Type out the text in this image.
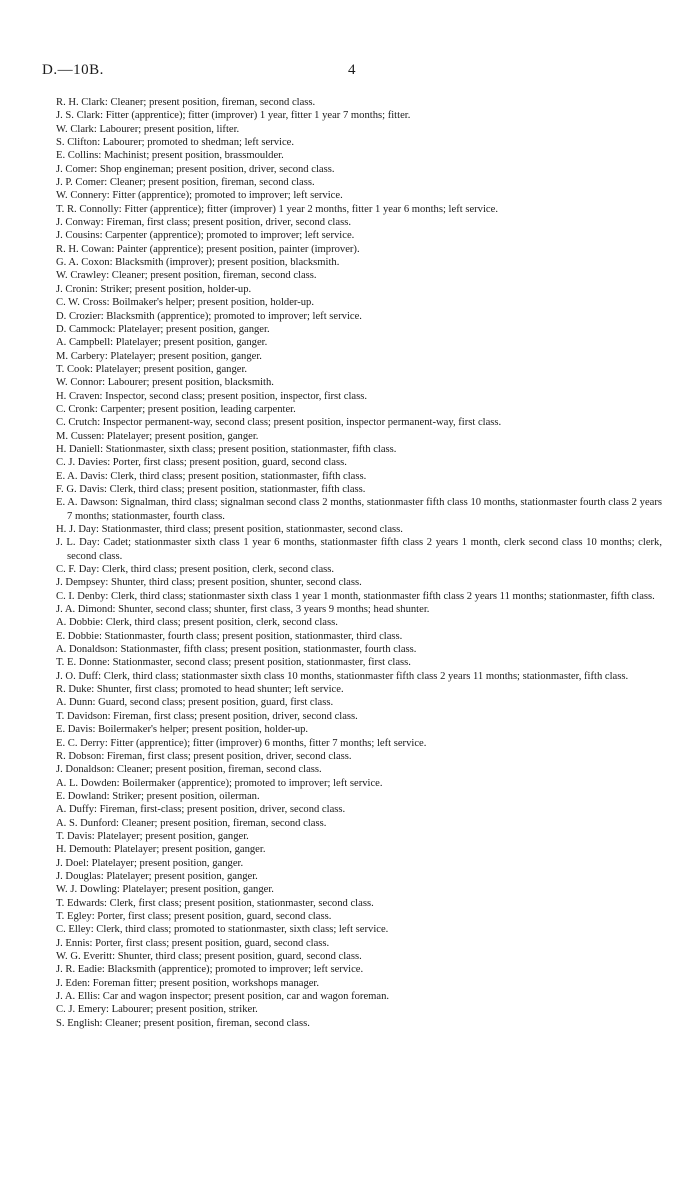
D.—10B.	4
R. H. Clark: Cleaner; present position, fireman, second class.
J. S. Clark: Fitter (apprentice); fitter (improver) 1 year, fitter 1 year 7 months; fitter.
W. Clark: Labourer; present position, lifter.
S. Clifton: Labourer; promoted to shedman; left service.
E. Collins: Machinist; present position, brassmoulder.
J. Comer: Shop engineman; present position, driver, second class.
J. P. Comer: Cleaner; present position, fireman, second class.
W. Connery: Fitter (apprentice); promoted to improver; left service.
T. R. Connolly: Fitter (apprentice); fitter (improver) 1 year 2 months, fitter 1 year 6 months; left service.
J. Conway: Fireman, first class; present position, driver, second class.
J. Cousins: Carpenter (apprentice); promoted to improver; left service.
R. H. Cowan: Painter (apprentice); present position, painter (improver).
G. A. Coxon: Blacksmith (improver); present position, blacksmith.
W. Crawley: Cleaner; present position, fireman, second class.
J. Cronin: Striker; present position, holder-up.
C. W. Cross: Boilmaker's helper; present position, holder-up.
D. Crozier: Blacksmith (apprentice); promoted to improver; left service.
D. Cammock: Platelayer; present position, ganger.
A. Campbell: Platelayer; present position, ganger.
M. Carbery: Platelayer; present position, ganger.
T. Cook: Platelayer; present position, ganger.
W. Connor: Labourer; present position, blacksmith.
H. Craven: Inspector, second class; present position, inspector, first class.
C. Cronk: Carpenter; present position, leading carpenter.
C. Crutch: Inspector permanent-way, second class; present position, inspector permanent-way, first class.
M. Cussen: Platelayer; present position, ganger.
H. Daniell: Stationmaster, sixth class; present position, stationmaster, fifth class.
C. J. Davies: Porter, first class; present position, guard, second class.
E. A. Davis: Clerk, third class; present position, stationmaster, fifth class.
F. G. Davis: Clerk, third class; present position, stationmaster, fifth class.
E. A. Dawson: Signalman, third class; signalman second class 2 months, stationmaster fifth class 10 months, stationmaster fourth class 2 years 7 months; stationmaster, fourth class.
H. J. Day: Stationmaster, third class; present position, stationmaster, second class.
J. L. Day: Cadet; stationmaster sixth class 1 year 6 months, stationmaster fifth class 2 years 1 month, clerk second class 10 months; clerk, second class.
C. F. Day: Clerk, third class; present position, clerk, second class.
J. Dempsey: Shunter, third class; present position, shunter, second class.
C. I. Denby: Clerk, third class; stationmaster sixth class 1 year 1 month, stationmaster fifth class 2 years 11 months; stationmaster, fifth class.
J. A. Dimond: Shunter, second class; shunter, first class, 3 years 9 months; head shunter.
A. Dobbie: Clerk, third class; present position, clerk, second class.
E. Dobbie: Stationmaster, fourth class; present position, stationmaster, third class.
A. Donaldson: Stationmaster, fifth class; present position, stationmaster, fourth class.
T. E. Donne: Stationmaster, second class; present position, stationmaster, first class.
J. O. Duff: Clerk, third class; stationmaster sixth class 10 months, stationmaster fifth class 2 years 11 months; stationmaster, fifth class.
R. Duke: Shunter, first class; promoted to head shunter; left service.
A. Dunn: Guard, second class; present position, guard, first class.
T. Davidson: Fireman, first class; present position, driver, second class.
E. Davis: Boilermaker's helper; present position, holder-up.
E. C. Derry: Fitter (apprentice); fitter (improver) 6 months, fitter 7 months; left service.
R. Dobson: Fireman, first class; present position, driver, second class.
J. Donaldson: Cleaner; present position, fireman, second class.
A. L. Dowden: Boilermaker (apprentice); promoted to improver; left service.
E. Dowland: Striker; present position, oilerman.
A. Duffy: Fireman, first-class; present position, driver, second class.
A. S. Dunford: Cleaner; present position, fireman, second class.
T. Davis: Platelayer; present position, ganger.
H. Demouth: Platelayer; present position, ganger.
J. Doel: Platelayer; present position, ganger.
J. Douglas: Platelayer; present position, ganger.
W. J. Dowling: Platelayer; present position, ganger.
T. Edwards: Clerk, first class; present position, stationmaster, second class.
T. Egley: Porter, first class; present position, guard, second class.
C. Elley: Clerk, third class; promoted to stationmaster, sixth class; left service.
J. Ennis: Porter, first class; present position, guard, second class.
W. G. Everitt: Shunter, third class; present position, guard, second class.
J. R. Eadie: Blacksmith (apprentice); promoted to improver; left service.
J. Eden: Foreman fitter; present position, workshops manager.
J. A. Ellis: Car and wagon inspector; present position, car and wagon foreman.
C. J. Emery: Labourer; present position, striker.
S. English: Cleaner; present position, fireman, second class.
